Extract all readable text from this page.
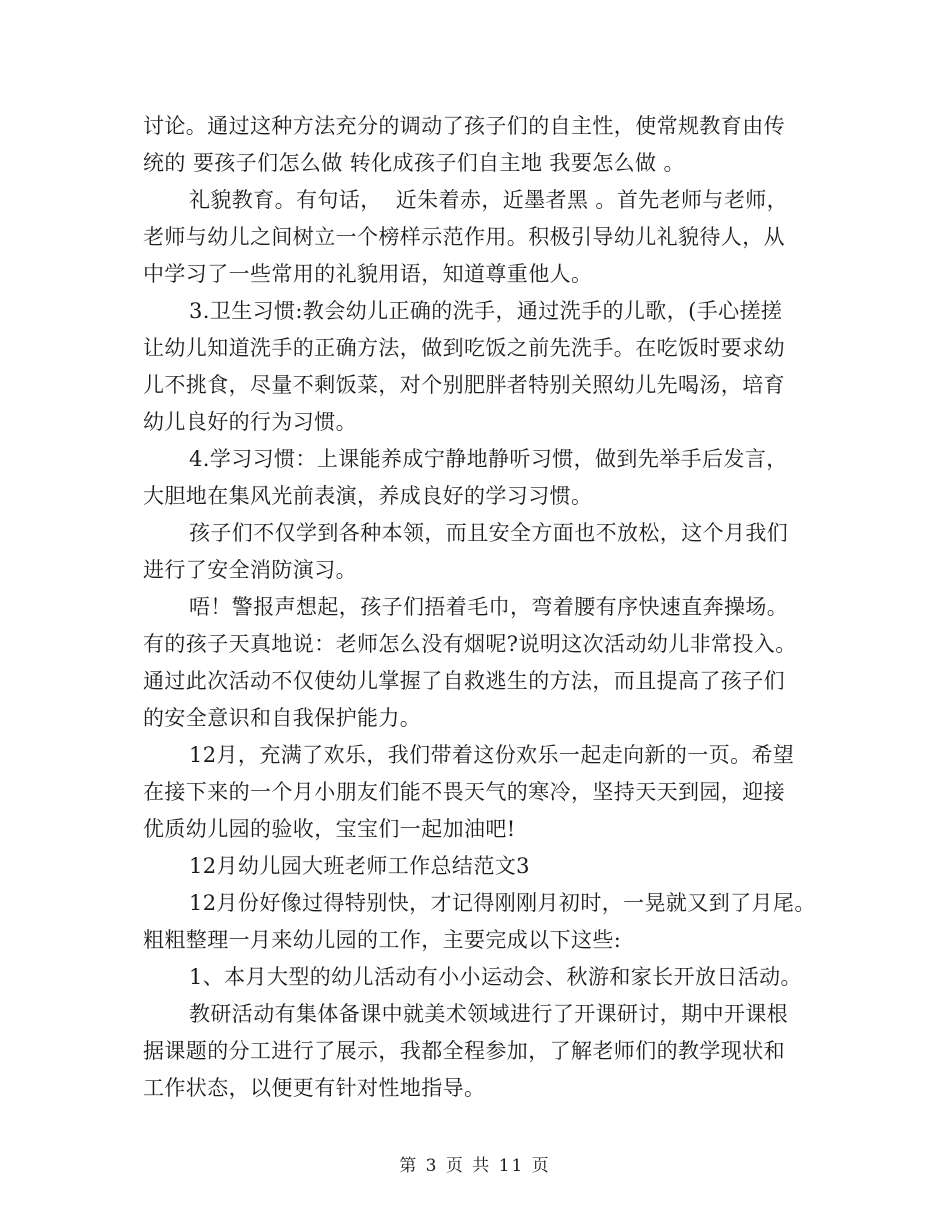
讨论。通过这种方法充分的调动了孩子们的自主性，使常规教育由传
统的 要孩子们怎么做 转化成孩子们自主地 我要怎么做 。
礼貌教育。有句话，  近朱着赤，近墨者黑 。首先老师与老师，
老师与幼儿之间树立一个榜样示范作用。积极引导幼儿礼貌待人，从
中学习了一些常用的礼貌用语，知道尊重他人。
3.卫生习惯:教会幼儿正确的洗手，通过洗手的儿歌，(手心搓搓
让幼儿知道洗手的正确方法，做到吃饭之前先洗手。在吃饭时要求幼
儿不挑食，尽量不剩饭菜，对个别肥胖者特别关照幼儿先喝汤，培育
幼儿良好的行为习惯。
4.学习习惯：上课能养成宁静地静听习惯，做到先举手后发言，
大胆地在集风光前表演，养成良好的学习习惯。
孩子们不仅学到各种本领，而且安全方面也不放松，这个月我们
进行了安全消防演习。
唔！警报声想起，孩子们捂着毛巾，弯着腰有序快速直奔操场。
有的孩子天真地说：老师怎么没有烟呢?说明这次活动幼儿非常投入。
通过此次活动不仅使幼儿掌握了自救逃生的方法，而且提高了孩子们
的安全意识和自我保护能力。
12月，充满了欢乐，我们带着这份欢乐一起走向新的一页。希望
在接下来的一个月小朋友们能不畏天气的寒冷，坚持天天到园，迎接
优质幼儿园的验收，宝宝们一起加油吧!
12月幼儿园大班老师工作总结范文3
12月份好像过得特别快，才记得刚刚月初时，一晃就又到了月尾。
粗粗整理一月来幼儿园的工作，主要完成以下这些:
1、本月大型的幼儿活动有小小运动会、秋游和家长开放日活动。
教研活动有集体备课中就美术领域进行了开课研讨，期中开课根
据课题的分工进行了展示，我都全程参加，了解老师们的教学现状和
工作状态，以便更有针对性地指导。
第 3 页 共 11 页
